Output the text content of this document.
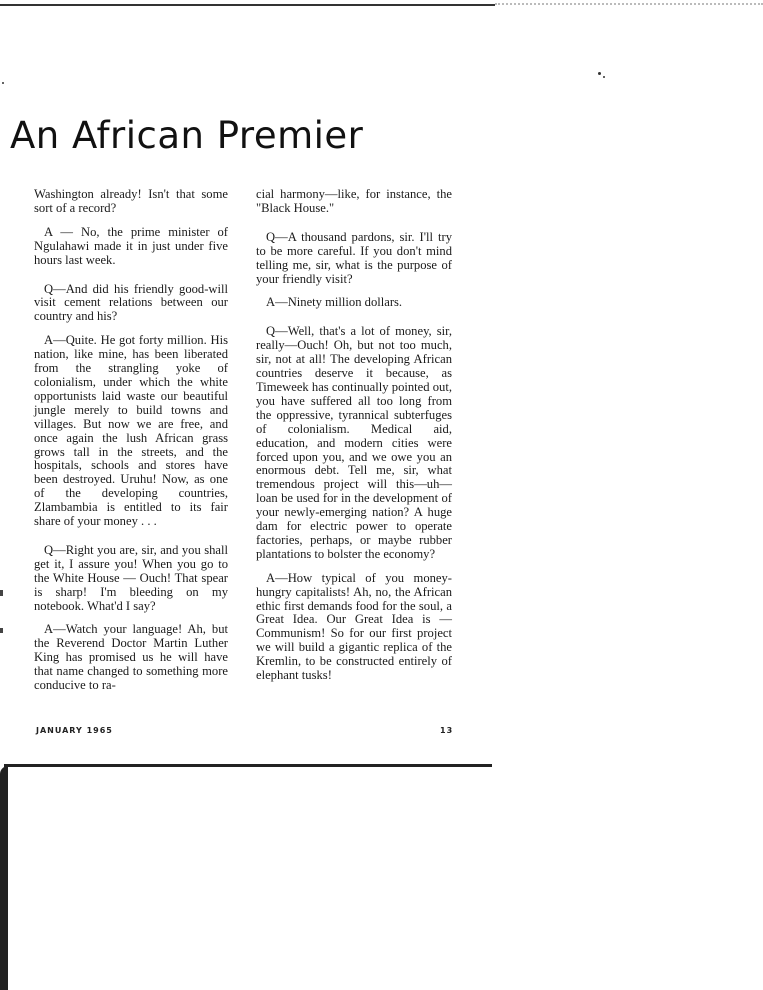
An African Premier

Washington already! Isn't that some sort of a record?

A — No, the prime minister of Ngulahawi made it in just under five hours last week.

Q—And did his friendly good-will visit cement relations between our country and his?

A—Quite. He got forty million. His nation, like mine, has been liberated from the strangling yoke of colonialism, under which the white opportunists laid waste our beautiful jungle merely to build towns and villages. But now we are free, and once again the lush African grass grows tall in the streets, and the hospitals, schools and stores have been destroyed. Uruhu! Now, as one of the developing countries, Zlambambia is entitled to its fair share of your money . . .

Q—Right you are, sir, and you shall get it, I assure you! When you go to the White House — Ouch! That spear is sharp! I'm bleeding on my notebook. What'd I say?

A—Watch your language! Ah, but the Reverend Doctor Martin Luther King has promised us he will have that name changed to something more conducive to ra-

cial harmony—like, for instance, the "Black House."

Q—A thousand pardons, sir. I'll try to be more careful. If you don't mind telling me, sir, what is the purpose of your friendly visit?

A—Ninety million dollars.

Q—Well, that's a lot of money, sir, really—Ouch! Oh, but not too much, sir, not at all! The developing African countries deserve it because, as Timeweek has continually pointed out, you have suffered all too long from the oppressive, tyrannical subterfuges of colonialism. Medical aid, education, and modern cities were forced upon you, and we owe you an enormous debt. Tell me, sir, what tremendous project will this—uh—loan be used for in the development of your newly-emerging nation? A huge dam for electric power to operate factories, perhaps, or maybe rubber plantations to bolster the economy?

A—How typical of you money-hungry capitalists! Ah, no, the African ethic first demands food for the soul, a Great Idea. Our Great Idea is — Communism! So for our first project we will build a gigantic replica of the Kremlin, to be constructed entirely of elephant tusks!

JANUARY 1965	13
